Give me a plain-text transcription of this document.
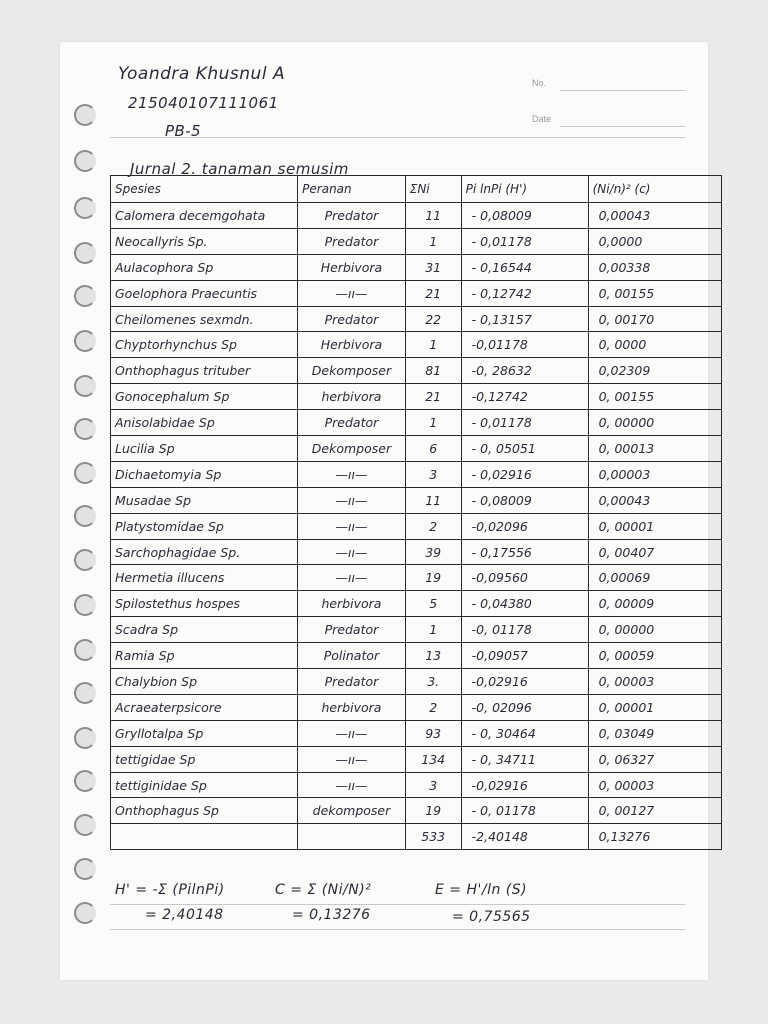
No.
Date
Yoandra Khusnul A
215040107111061
PB-5
Jurnal 2. tanaman semusim
Spesies	Peranan	ΣNi	Pi lnPi (H')	(Ni/n)² (c)
Calomera decemgohata	Predator	11	- 0,08009	0,00043
Neocallyris Sp.	Predator	1	- 0,01178	0,0000
Aulacophora Sp	Herbivora	31	- 0,16544	0,00338
Goelophora Praecuntis	—ıı—	21	- 0,12742	0, 00155
Cheilomenes sexmdn.	Predator	22	- 0,13157	0, 00170
Chyptorhynchus Sp	Herbivora	1	-0,01178	0, 0000
Onthophagus trituber	Dekomposer	81	-0, 28632	0,02309
Gonocephalum Sp	herbivora	21	-0,12742	0, 00155
Anisolabidae Sp	Predator	1	- 0,01178	0, 00000
Lucilia Sp	Dekomposer	6	- 0, 05051	0, 00013
Dichaetomyia Sp	—ıı—	3	- 0,02916	0,00003
Musadae Sp	—ıı—	11	- 0,08009	0,00043
Platystomidae Sp	—ıı—	2	-0,02096	0, 00001
Sarchophagidae Sp.	—ıı—	39	- 0,17556	0, 00407
Hermetia illucens	—ıı—	19	-0,09560	0,00069
Spilostethus hospes	herbivora	5	- 0,04380	0, 00009
Scadra Sp	Predator	1	-0, 01178	0, 00000
Ramia Sp	Polinator	13	-0,09057	0, 00059
Chalybion Sp	Predator	3.	-0,02916	0, 00003
Acraeaterpsicore	herbivora	2	-0, 02096	0, 00001
Gryllotalpa Sp	—ıı—	93	- 0, 30464	0, 03049
tettigidae Sp	—ıı—	134	- 0, 34711	0, 06327
tettiginidae Sp	—ıı—	3	-0,02916	0, 00003
Onthophagus Sp	dekomposer	19	- 0, 01178	0, 00127
		533	-2,40148	0,13276
H' = -Σ (PilnPi)	C = Σ (Ni/N)²	E = H'/ln (S)
= 2,40148	= 0,13276	= 0,75565
